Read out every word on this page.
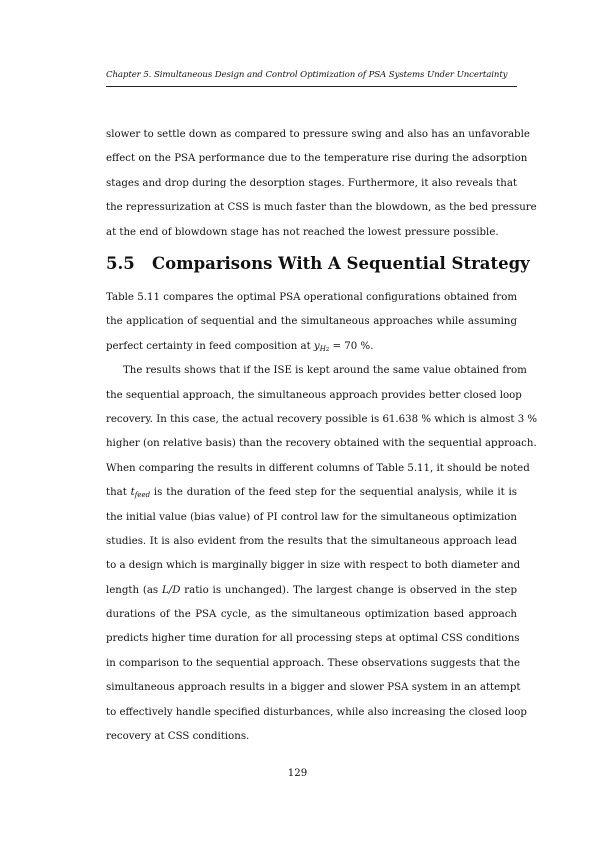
Chapter 5. Simultaneous Design and Control Optimization of PSA Systems Under Uncertainty
slower to settle down as compared to pressure swing and also has an unfavorable
effect on the PSA performance due to the temperature rise during the adsorption
stages and drop during the desorption stages. Furthermore, it also reveals that
the repressurization at CSS is much faster than the blowdown, as the bed pressure
at the end of blowdown stage has not reached the lowest pressure possible.
5.5 Comparisons With A Sequential Strategy
Table 5.11 compares the optimal PSA operational configurations obtained from
the application of sequential and the simultaneous approaches while assuming
perfect certainty in feed composition at $y_{H2} = 70$ %.
The results shows that if the ISE is kept around the same value obtained from
the sequential approach, the simultaneous approach provides better closed loop
recovery. In this case, the actual recovery possible is 61.638 % which is almost 3 %
higher (on relative basis) than the recovery obtained with the sequential approach.
When comparing the results in different columns of Table 5.11, it should be noted
that $t_{feed}$ is the duration of the feed step for the sequential analysis, while it is
the initial value (bias value) of PI control law for the simultaneous optimization
studies. It is also evident from the results that the simultaneous approach lead
to a design which is marginally bigger in size with respect to both diameter and
length (as L/D ratio is unchanged). The largest change is observed in the step
durations of the PSA cycle, as the simultaneous optimization based approach
predicts higher time duration for all processing steps at optimal CSS conditions
in comparison to the sequential approach. These observations suggests that the
simultaneous approach results in a bigger and slower PSA system in an attempt
to effectively handle specified disturbances, while also increasing the closed loop
recovery at CSS conditions.
129
